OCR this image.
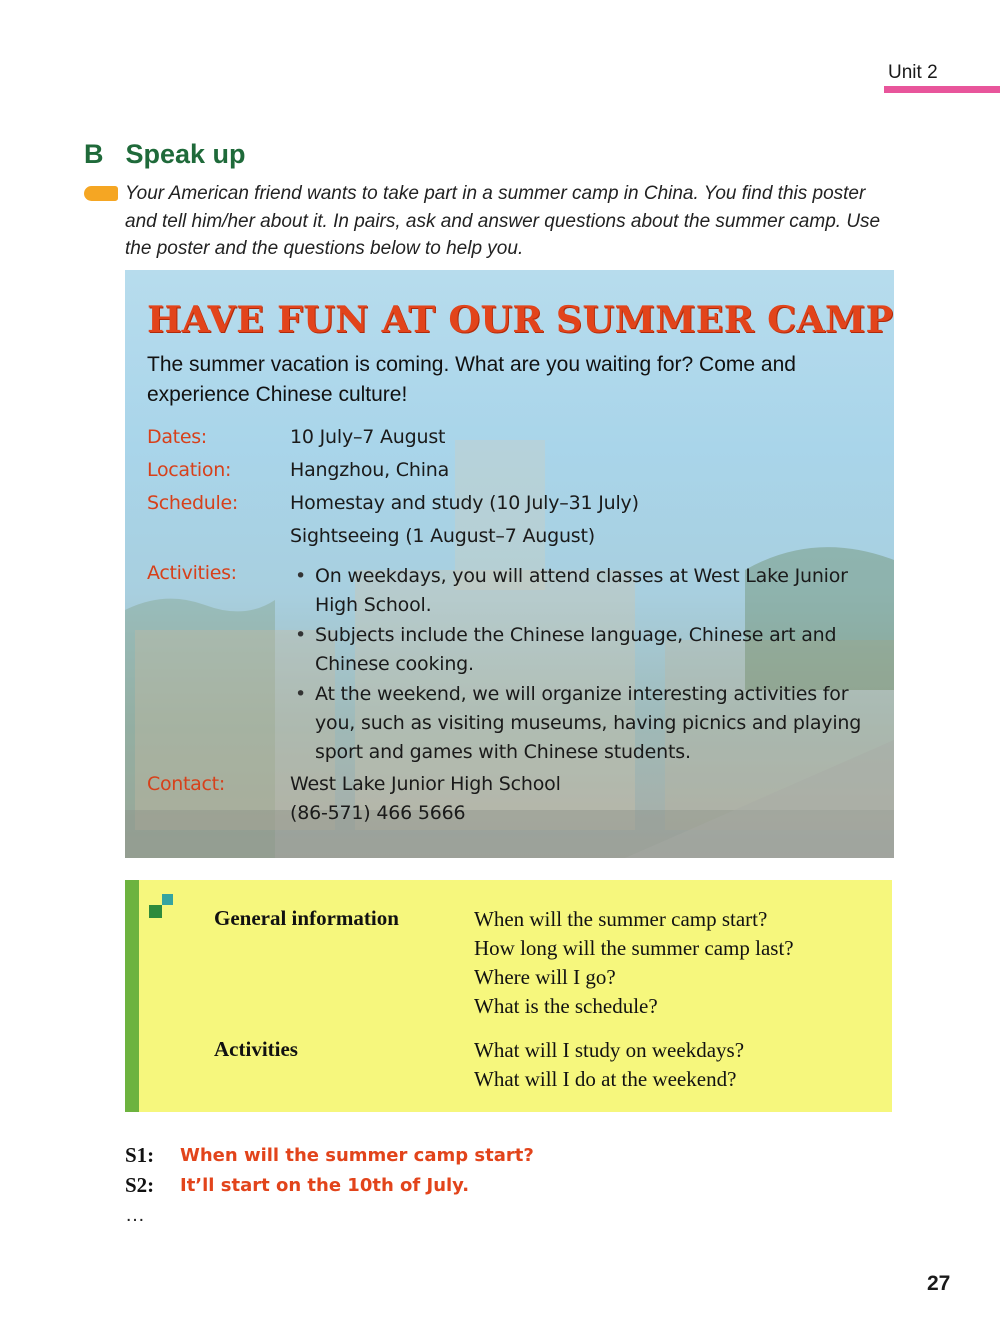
Unit 2
B Speak up
Your American friend wants to take part in a summer camp in China. You find this poster and tell him/her about it. In pairs, ask and answer questions about the summer camp. Use the poster and the questions below to help you.
HAVE FUN AT OUR SUMMER CAMP
The summer vacation is coming. What are you waiting for? Come and experience Chinese culture!
Dates:	10 July–7 August
Location:	Hangzhou, China
Schedule:	Homestay and study (10 July–31 July)
Sightseeing (1 August–7 August)
Activities:
•	On weekdays, you will attend classes at West Lake Junior High School.
• Subjects include the Chinese language, Chinese art and Chinese cooking.
• At the weekend, we will organize interesting activities for you, such as visiting museums, having picnics and playing sport and games with Chinese students.
Contact:	West Lake Junior High School
(86-571) 466 5666
General information	When will the summer camp start?
How long will the summer camp last?
Where will I go?
What is the schedule?
Activities	What will I study on weekdays?
What will I do at the weekend?
S1: When will the summer camp start?
S2: It’ll start on the 10th of July.
…
27
